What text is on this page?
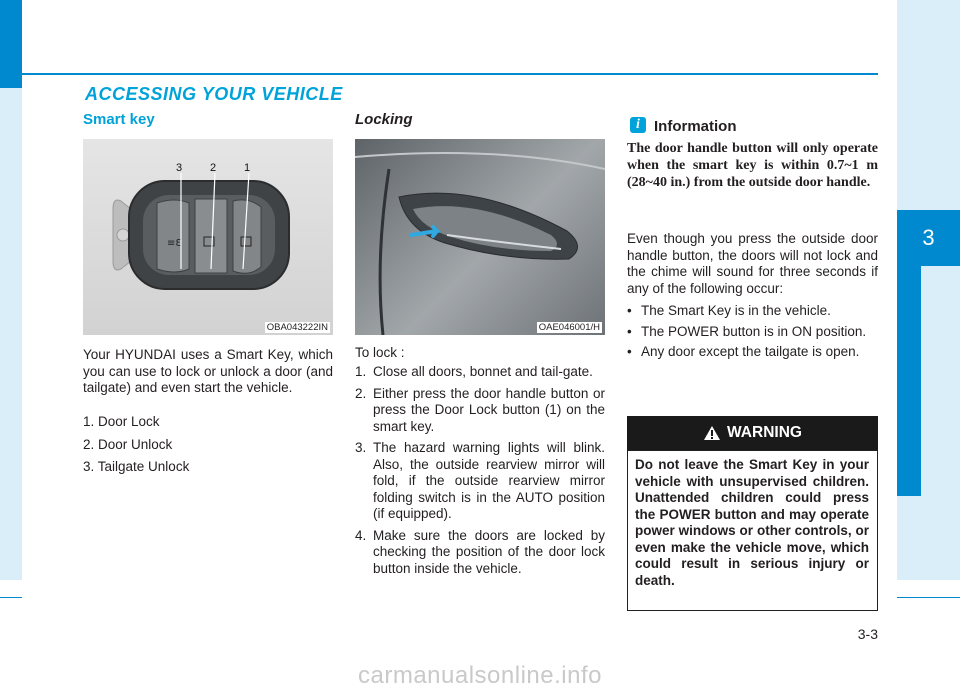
3
Convenient features of your vehicle
ACCESSING YOUR VEHICLE
Smart key
≡Ɛ
3	2	1
OBA043222IN
Your HYUNDAI uses a Smart Key, which you can use to lock or unlock a door (and tailgate) and even start the vehicle.
1. Door Lock
2. Door Unlock
3. Tailgate Unlock
Locking
OAE046001/H
To lock :
1. Close all doors, bonnet and tail-gate.
2. Either press the door handle button or press the Door Lock button (1) on the smart key.
3. The hazard warning lights will blink. Also, the outside rearview mirror will fold, if the outside rearview mirror folding switch is in the AUTO position (if equipped).
4. Make sure the doors are locked by checking the position of the door lock button inside the vehicle.
i Information
The door handle button will only operate when the smart key is within 0.7~1 m (28~40 in.) from the outside door handle.
Even though you press the outside door handle button, the doors will not lock and the chime will sound for three seconds if any of the following occur:
• The Smart Key is in the vehicle.
• The POWER button is in ON position.
• Any door except the tailgate is open.
WARNING
Do not leave the Smart Key in your vehicle with unsupervised children. Unattended children could press the POWER button and may operate power windows or other controls, or even make the vehicle move, which could result in serious injury or death.
3-3
carmanualsonline.info
